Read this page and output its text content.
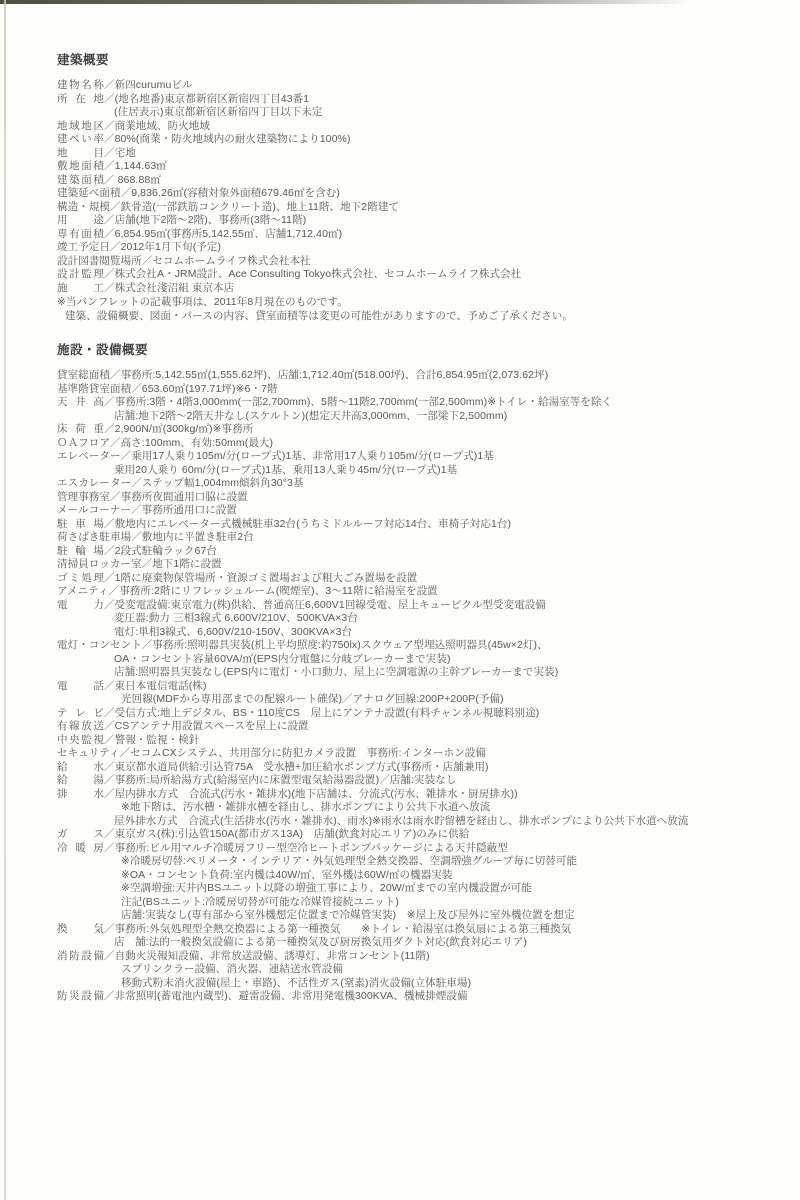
建築概要
建物名称 ／新四curumuビル
所在地 ／(地名地番)東京都新宿区新宿四丁目43番1
(住居表示)東京都新宿区新宿四丁目以下未定
地域地区 ／商業地域、防火地域
建ぺい率 ／80%(商業・防火地域内の耐火建築物により100%)
地目 ／宅地
敷地面積 ／1,144.63㎡
建築面積 ／ 868.88㎡
建築延べ面積 ／9,836.26㎡(容積対象外面積679.46㎡を含む)
構造・規模 ／鉄骨造(一部鉄筋コンクリート造)、地上11階、地下2階建て
用途 ／店舗(地下2階〜2階)、事務所(3階〜11階)
専有面積 ／6,854.95㎡(事務所5,142.55㎡、店舗1,712.40㎡)
竣工予定日 ／2012年1月下旬(予定)
設計図書閲覧場所 ／セコムホームライフ株式会社本社
設計監理 ／株式会社A・JRM設計、Ace Consulting Tokyo株式会社、セコムホームライフ株式会社
施工 ／株式会社淺沼組 東京本店
※当パンフレットの記載事項は、2011年8月現在のものです。
建築、設備概要、図面・パースの内容、貸室面積等は変更の可能性がありますので、予めご了承ください。
施設・設備概要
貸室総面積 ／事務所:5,142.55㎡(1,555.62坪)、店舗:1,712.40㎡(518.00坪)、合計6,854.95㎡(2,073.62坪)
基準階貸室面積 ／653.60㎡(197.71坪)※6・7階
天井高 ／事務所:3階・4階3,000mm(一部2,700mm)、5階〜11階2,700mm(一部2,500mm)※トイレ・給湯室等を除く
店舗:地下2階〜2階天井なし(スケルトン)(想定天井高3,000mm、一部梁下2,500mm)
床荷重 ／2,900N/㎡(300kg/㎡)※事務所
ＯＡフロア ／高さ:100mm、有効:50mm(最大)
エレベーター ／乗用17人乗り105m/分(ロープ式)1基、非常用17人乗り105m/分(ロープ式)1基
乗用20人乗り 60m/分(ロープ式)1基、乗用13人乗り45m/分(ロープ式)1基
エスカレーター ／ステップ幅1,004mm傾斜角30°3基
管理事務室 ／事務所夜間通用口脇に設置
メールコーナー ／事務所通用口に設置
駐車場 ／敷地内にエレベーター式機械駐車32台(うちミドルルーフ対応14台、車椅子対応1台)
荷さばき駐車場 ／敷地内に平置き駐車2台
駐輪場 ／2段式駐輪ラック67台
清掃員ロッカー室 ／地下1階に設置
ゴミ処理 ／1階に廃棄物保管場所・資源ゴミ置場および粗大ごみ置場を設置
アメニティ ／事務所:2階にリフレッシュルーム(喫煙室)、3〜11階に給湯室を設置
電力 ／受変電設備:東京電力(株)供給、普通高圧6,600V1回線受電、屋上キュービクル型受変電設備
変圧器:動力 三相3線式 6,600V/210V、500KVA×3台
電灯:単相3線式、6,600V/210-150V、300KVA×3台
電灯・コンセント ／事務所:照明器具実装(机上平均照度:約750lx)スクウェア型埋込照明器具(45w×2灯)、
OA・コンセント容量60VA/㎡(EPS内分電盤に分岐ブレーカーまで実装)
店舗:照明器具実装なし(EPS内に電灯・小口動力、屋上に空調電源の主幹ブレーカーまで実装)
電話 ／東日本電信電話(株)
光回線(MDFから専用部までの配線ルート確保)／アナログ回線:200P+200P(予備)
テレビ ／受信方式:地上デジタル、BS・110度CS　屋上にアンテナ設置(有料チャンネル視聴料別途)
有線放送 ／CSアンテナ用設置スペースを屋上に設置
中央監視 ／警報・監視・検針
セキュリティ ／セコムCXシステム、共用部分に防犯カメラ設置　事務所:インターホン設備
給水 ／東京都水道局供給:引込管75A　受水槽+加圧給水ポンプ方式(事務所・店舗兼用)
給湯 ／事務所:局所給湯方式(給湯室内に床置型電気給湯器設置)／店舗:実装なし
排水 ／屋内排水方式　合流式(汚水・雑排水)(地下店舗は、分流式(汚水、雑排水・厨房排水))
※地下階は、汚水槽・雑排水槽を経由し、排水ポンプにより公共下水道へ放流
屋外排水方式　合流式(生活排水(汚水・雑排水)、雨水)※雨水は雨水貯留槽を経由し、排水ポンプにより公共下水道へ放流
ガス ／東京ガス(株):引込管150A(都市ガス13A)　店舗(飲食対応エリア)のみに供給
冷暖房 ／事務所:ビル用マルチ冷暖房フリー型空冷ヒートポンプパッケージによる天井隠蔽型
※冷暖房切替:ペリメータ・インテリア・外気処理型全熱交換器、空調増強グループ毎に切替可能
※OA・コンセント負荷:室内機は40W/㎡、室外機は60W/㎡の機器実装
※空調増強:天井内BSユニット以降の増強工事により、20W/㎡までの室内機設置が可能
注記(BSユニット:冷暖房切替が可能な冷媒管接続ユニット)
店舗:実装なし(専有部から室外機想定位置まで冷媒管実装)　※屋上及び屋外に室外機位置を想定
換気 ／事務所:外気処理型全熱交換器による第一種換気　　※トイレ・給湯室は換気扇による第三種換気
店　舗:法的一般換気設備による第一種換気及び厨房換気用ダクト対応(飲食対応エリア)
消防設備 ／自動火災報知設備、非常放送設備、誘導灯、非常コンセント(11階)
スプリンクラー設備、消火器、連結送水管設備
移動式粉末消火設備(屋上・車路)、不活性ガス(窒素)消火設備(立体駐車場)
防災設備 ／非常照明(蓄電池内蔵型)、避雷設備、非常用発電機300KVA、機械排煙設備
